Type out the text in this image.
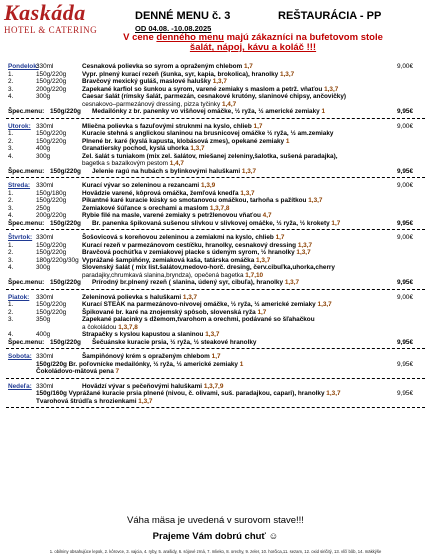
Kaskáda
HOTEL & CATERING
DENNÉ MENU č. 3	REŠTAURÁCIA - PP
OD 04.08. -10.08.2025
V cene denného menu majú zákazníci na bufetovom stole
šalát, nápoj, kávu a koláč !!!
Pondelok:
330ml	Cesnaková polievka so syrom a opraženým chlebom 1,7	9,00€
1.	150g/220g Vypr. plnený kurací rezeň (šunka, syr, kapia, brokolica), hranolky 1,3,7
2.	150g/220g Bravčový mexický guláš, maslové halušky 1,3,7
3.	200g/220g Zapekané karfiol so šunkou a syrom, varené zemiaky s maslom a petrž. vňaťou 1,3,7
4.	300g	Caesar šalát (rímsky šalát, parmezán, cesnakové krutóny, slaninové chipsy, ančovičky)
cesnakovo–parmezánový dressing, pizza tyčinky 1,4,7
Špec.menu: 150g/220g Medailónky z br. panenky vo višňovej omáčke, ½ ryža, ½ americké zemiaky 1	9,95€
Utorok: 330ml	Mliečna polievka s fazuľovými struknmi na kyslo, chlieb 1,7	9,00€
1.	150g/220g Kuracie stehná s anglickou slaninou na brusnicovej omáčke ½ ryža, ½ am.zemiaky
2.	150g/220g Plnené br. karé (kyslá kapusta, klobásová zmes), opekané zemiaky 1
3.	400g	Granatiersky pochod, kyslá uhorka 1,3,7
4.	300g	Zel. šalát s tuniakom (mix zel. šalátov, miešanej zeleniny,šalotka, sušená paradajka),
bagetka s bazalkovým pestom 1,4,7
Špec.menu: 150g/220g Jelenie ragú na hubách s bylinkovými haluškami 1,3,7	9,95€
Streda: 330ml	Kurací vývar so zeleninou a rezancami 1,3,9	9,00€
1.	150g/180g Hovädzie varené, kôprová omáčka, žemľová knedľa 1,3,7
2.	150g/220g Pikantné karé kuracie kúsky so smotanovou omáčkou, tarhoňa s pažítkou 1,3,7
3.	250g	Zemiakové šúľance s orechami a maslom 1,3,7,8
4.	200g/220g Rybie filé na masle, varené zemiaky s petržlenovou vňaťou 4,7
Špec.menu: 150g/220g Br. panenka špikovaná sušenou slivkou v slivkovej omáčke, ½ ryža, ½ krokety 1,7	9,95€
Štvrtok: 330ml	Šošovicová s koreňovou zeleninou a zemiakmi na kyslo, chlieb 1,7	9,00€
1.	150g/220g Kurací rezeň v parmezánovom cestíčku, hranolky, cesnakový dressing 1,3,7
2.	150g/220g Bravčová pochúťka v zemiakovej placke s údeným syrom, ½ hranolky 1,3,7
3.	180g/220g/30g Vyprážané šampiňóny, zemiaková kaša, tatárska omáčka 1,3,7
4.	300g	Slovenský šalát ( mix list.šalátov,medovo-horč. dresing, červ.cibuľka,uhorka,cherry
paradajky,chrumkavá slanina,bryndza), opečená bagetka 1,7,10
Špec.menu: 150g/220g Prírodný br.plnený rezeň ( slanina, údený syr, cibuľa), hranolky 1,3,7	9,95€
Piatok: 330ml	Zeleninová polievka s haluškami 1,3,7	9,00€
1.	150g/220g Kurací STEAK na parmezánovo-nivovej omáčke, ½ ryža, ½ americké zemiaky 1,3,7
2.	150g/220g Špikované br. karé na znojemský spôsob, slovenská ryža 1,7
3.	350g	Zapekané palacinky s džemom,tvarohom a orechmi, podávané so šľahačkou
a čokoládou 1,3,7,8
4.	400g	Strapačky s kyslou kapustou a slaninou 1,3,7
Špec.menu: 150g/220g Šečuánske kuracie prsia, ½ ryža, ½ steakové hranolky	9,95€
Sobota: 330ml	Šampiňónový krém s opraženým chlebom 1,7
150g/220g Br. poľovnícke medailónky, ½ ryža, ½ americké zemiaky 1	9,95€
Čokoládovo-mätová pena 7
Nedeľa: 330ml	Hovädzí vývar s pečeňovými haluškami 1,3,7,9
150g/160g Vyprážané kuracie prsia plnené (nivou, č. olivami, suš. paradajkou, capari), hranolky 1,3,7	9,95€
Tvarohová štrúdľa s hrozienkami 1,3,7
Váha mäsa je uvedená v surovom stave!!!
Prajeme Vám dobrú chuť ☺
1. obilniny obsahujúce lepok, 2. kôrovce, 3. vajcia, 4. ryby, 5. arašidy, 6. sójové zrná, 7. mlieko, 8. orechy, 9. zeler, 10. horčica,11. sezam, 12. oxid siričitý, 13. vlčí bôb, 14. mäkkýše
